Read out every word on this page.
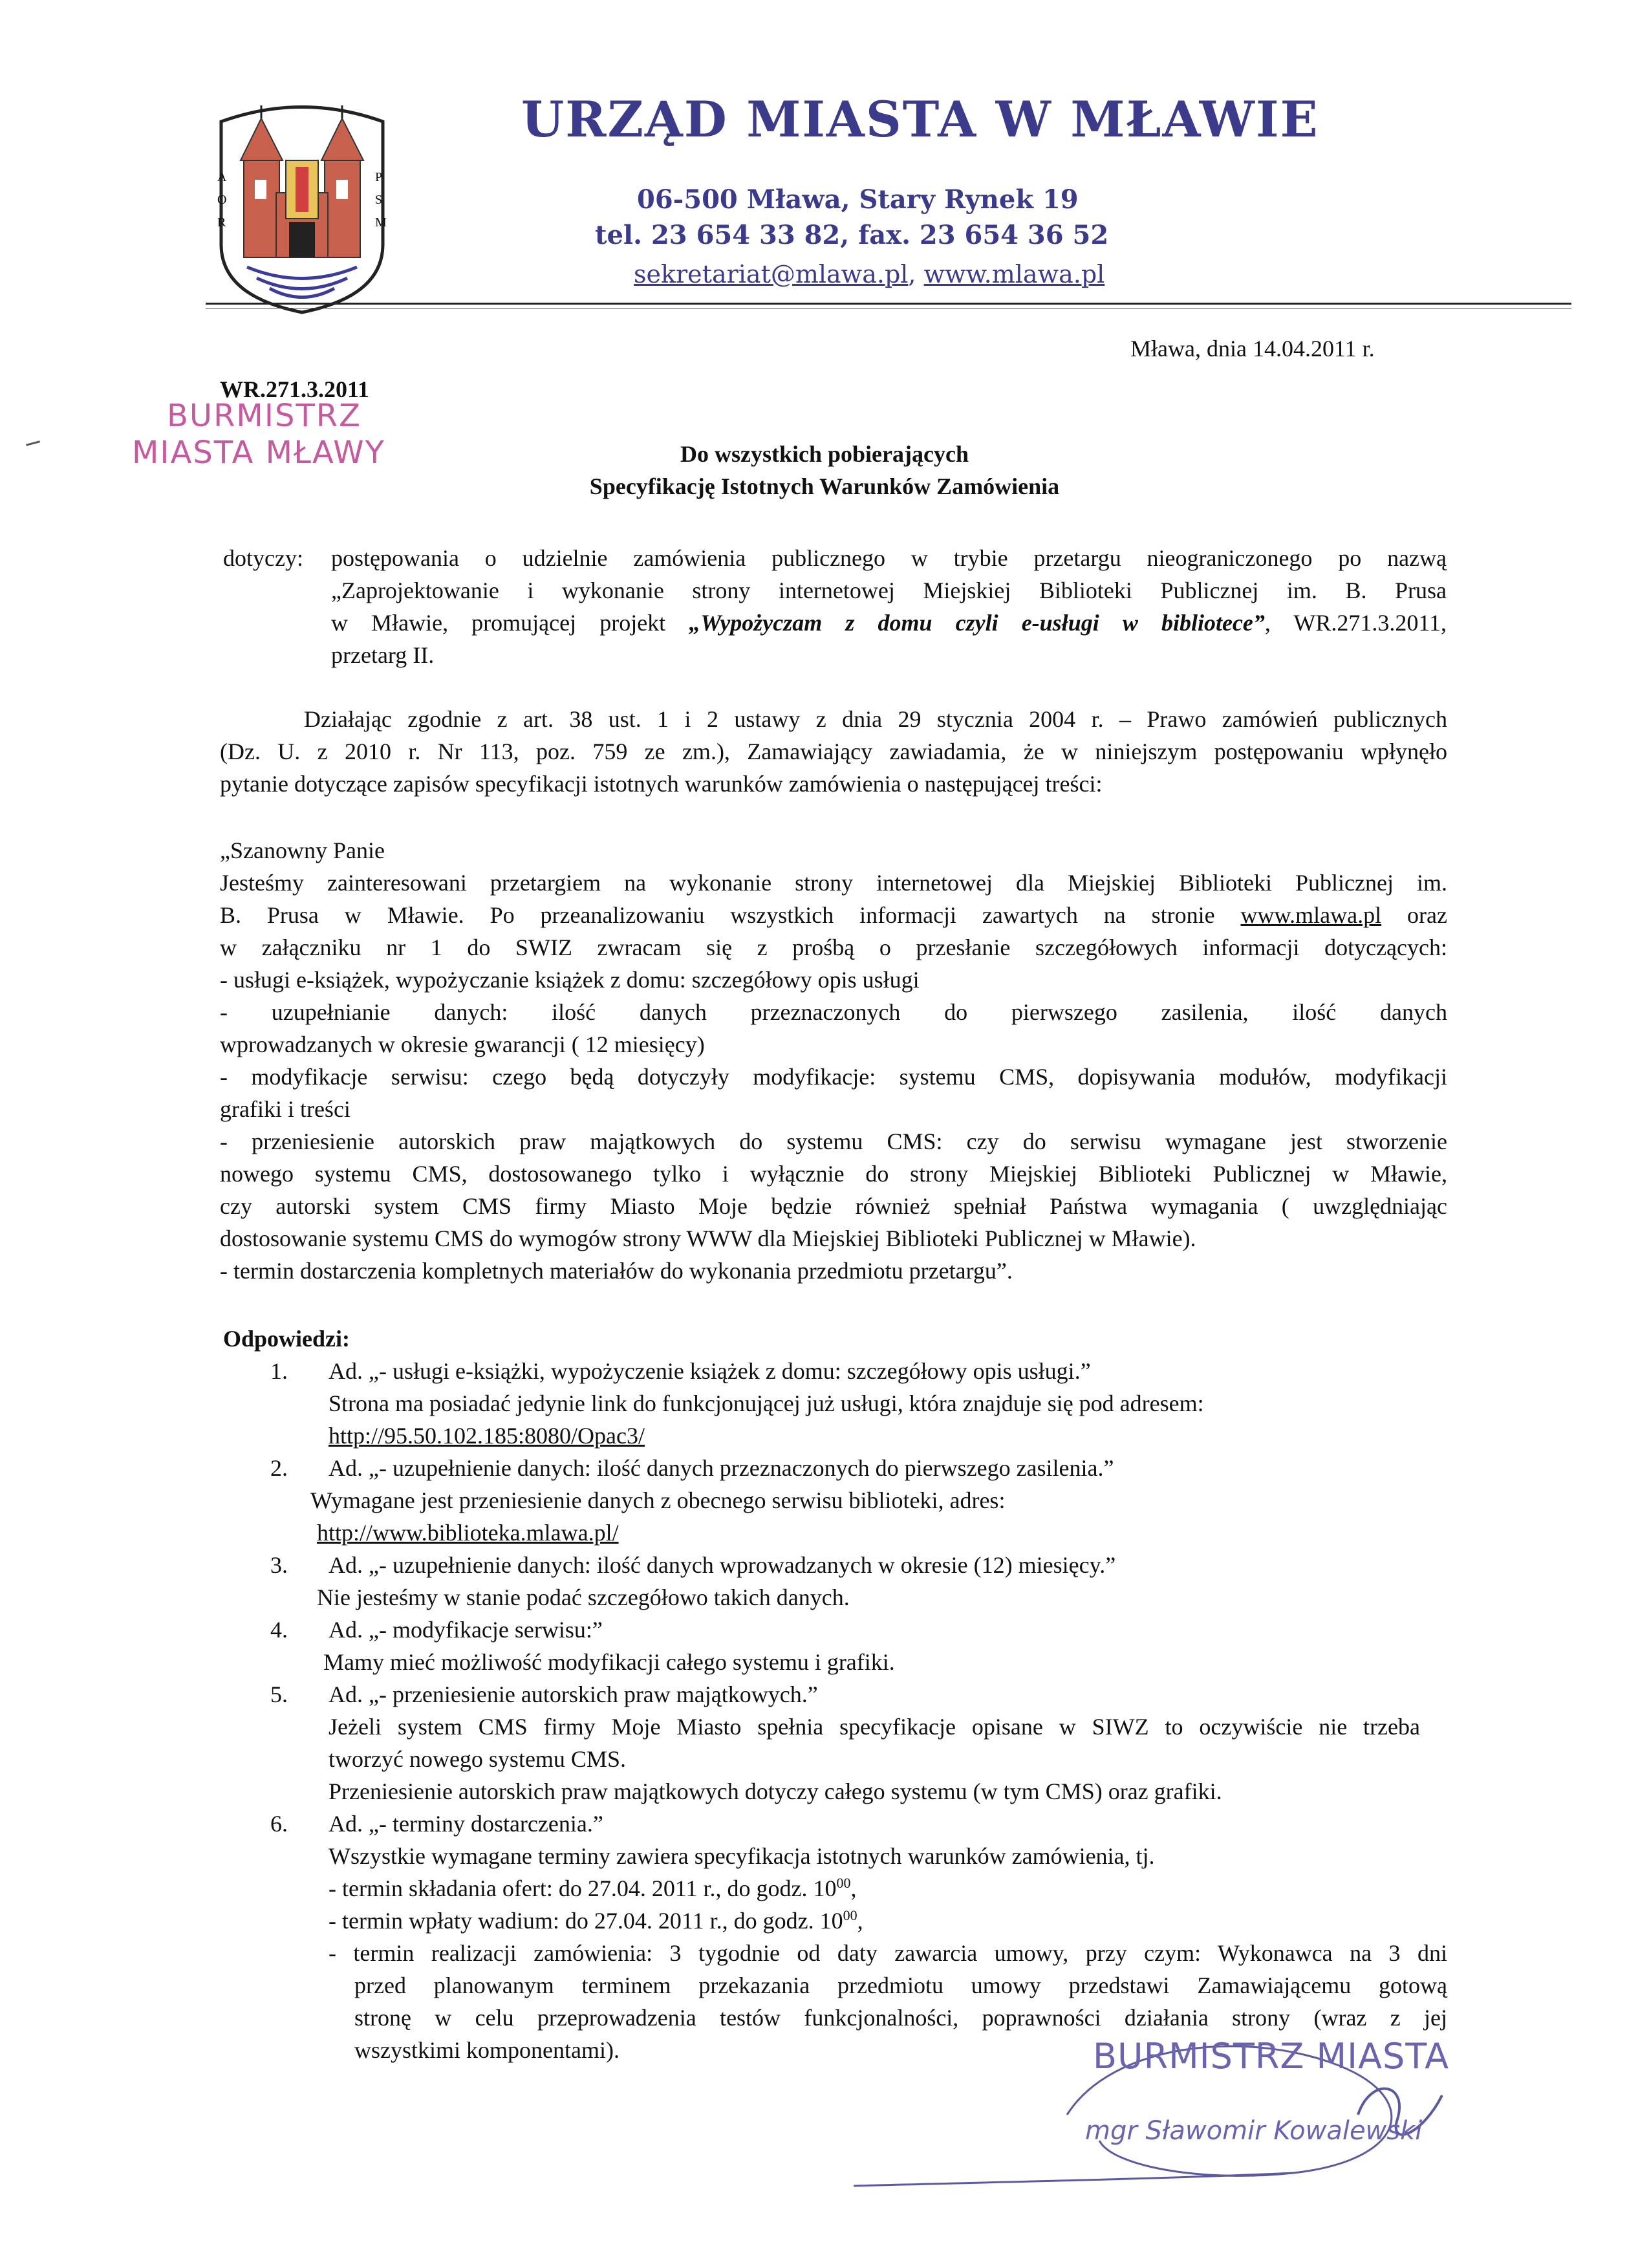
A
O
R
P
S
M
URZĄD MIASTA W MŁAWIE
06-500 Mława, Stary Rynek 19
tel. 23 654 33 82, fax. 23 654 36 52
sekretariat@mlawa.pl, www.mlawa.pl
Mława, dnia 14.04.2011 r.
WR.271.3.2011
BURMISTRZ
MIASTA MŁAWY	Do wszystkich pobierających
Specyfikację Istotnych Warunków Zamówienia
dotyczy: postępowania o udzielnie zamówienia publicznego w trybie przetargu nieograniczonego po nazwą
„Zaprojektowanie i wykonanie strony internetowej Miejskiej Biblioteki Publicznej im. B. Prusa
w Mławie, promującej projekt „Wypożyczam z domu czyli e-usługi w bibliotece”, WR.271.3.2011,
przetarg II.
Działając zgodnie z art. 38 ust. 1 i 2 ustawy z dnia 29 stycznia 2004 r. – Prawo zamówień publicznych
(Dz. U. z 2010 r. Nr 113, poz. 759 ze zm.), Zamawiający zawiadamia, że w niniejszym postępowaniu wpłynęło
pytanie dotyczące zapisów specyfikacji istotnych warunków zamówienia o następującej treści:
„Szanowny Panie
Jesteśmy zainteresowani przetargiem na wykonanie strony internetowej dla Miejskiej Biblioteki Publicznej im.
B. Prusa w Mławie. Po przeanalizowaniu wszystkich informacji zawartych na stronie www.mlawa.pl oraz
w załączniku nr 1 do SWIZ zwracam się z prośbą o przesłanie szczegółowych informacji dotyczących:
- usługi e-książek, wypożyczanie książek z domu: szczegółowy opis usługi
- uzupełnianie danych: ilość danych przeznaczonych do pierwszego zasilenia, ilość danych
wprowadzanych w okresie gwarancji ( 12 miesięcy)
- modyfikacje serwisu: czego będą dotyczyły modyfikacje: systemu CMS, dopisywania modułów, modyfikacji
grafiki i treści
- przeniesienie autorskich praw majątkowych do systemu CMS: czy do serwisu wymagane jest stworzenie
nowego systemu CMS, dostosowanego tylko i wyłącznie do strony Miejskiej Biblioteki Publicznej w Mławie,
czy autorski system CMS firmy Miasto Moje będzie również spełniał Państwa wymagania ( uwzględniając
dostosowanie systemu CMS do wymogów strony WWW dla Miejskiej Biblioteki Publicznej w Mławie).
- termin dostarczenia kompletnych materiałów do wykonania przedmiotu przetargu”.
Odpowiedzi:
1. Ad. „- usługi e-książki, wypożyczenie książek z domu: szczegółowy opis usługi.”
Strona ma posiadać jedynie link do funkcjonującej już usługi, która znajduje się pod adresem:
http://95.50.102.185:8080/Opac3/
2. Ad. „- uzupełnienie danych: ilość danych przeznaczonych do pierwszego zasilenia.”
Wymagane jest przeniesienie danych z obecnego serwisu biblioteki, adres:
http://www.biblioteka.mlawa.pl/
3. Ad. „- uzupełnienie danych: ilość danych wprowadzanych w okresie (12) miesięcy.”
Nie jesteśmy w stanie podać szczegółowo takich danych.
4. Ad. „- modyfikacje serwisu:”
Mamy mieć możliwość modyfikacji całego systemu i grafiki.
5. Ad. „- przeniesienie autorskich praw majątkowych.”
Jeżeli system CMS firmy Moje Miasto spełnia specyfikacje opisane w SIWZ to oczywiście nie trzeba
tworzyć nowego systemu CMS.
Przeniesienie autorskich praw majątkowych dotyczy całego systemu (w tym CMS) oraz grafiki.
6. Ad. „- terminy dostarczenia.”
Wszystkie wymagane terminy zawiera specyfikacja istotnych warunków zamówienia, tj.
- termin składania ofert: do 27.04. 2011 r., do godz. $10^{00}$,
- termin wpłaty wadium: do 27.04. 2011 r., do godz. $10^{00}$,
- termin realizacji zamówienia: 3 tygodnie od daty zawarcia umowy, przy czym: Wykonawca na 3 dni
przed planowanym terminem przekazania przedmiotu umowy przedstawi Zamawiającemu gotową
stronę w celu przeprowadzenia testów funkcjonalności, poprawności działania strony (wraz z jej
wszystkimi komponentami).	BURMISTRZ MIASTA
mgr Sławomir Kowalewski
